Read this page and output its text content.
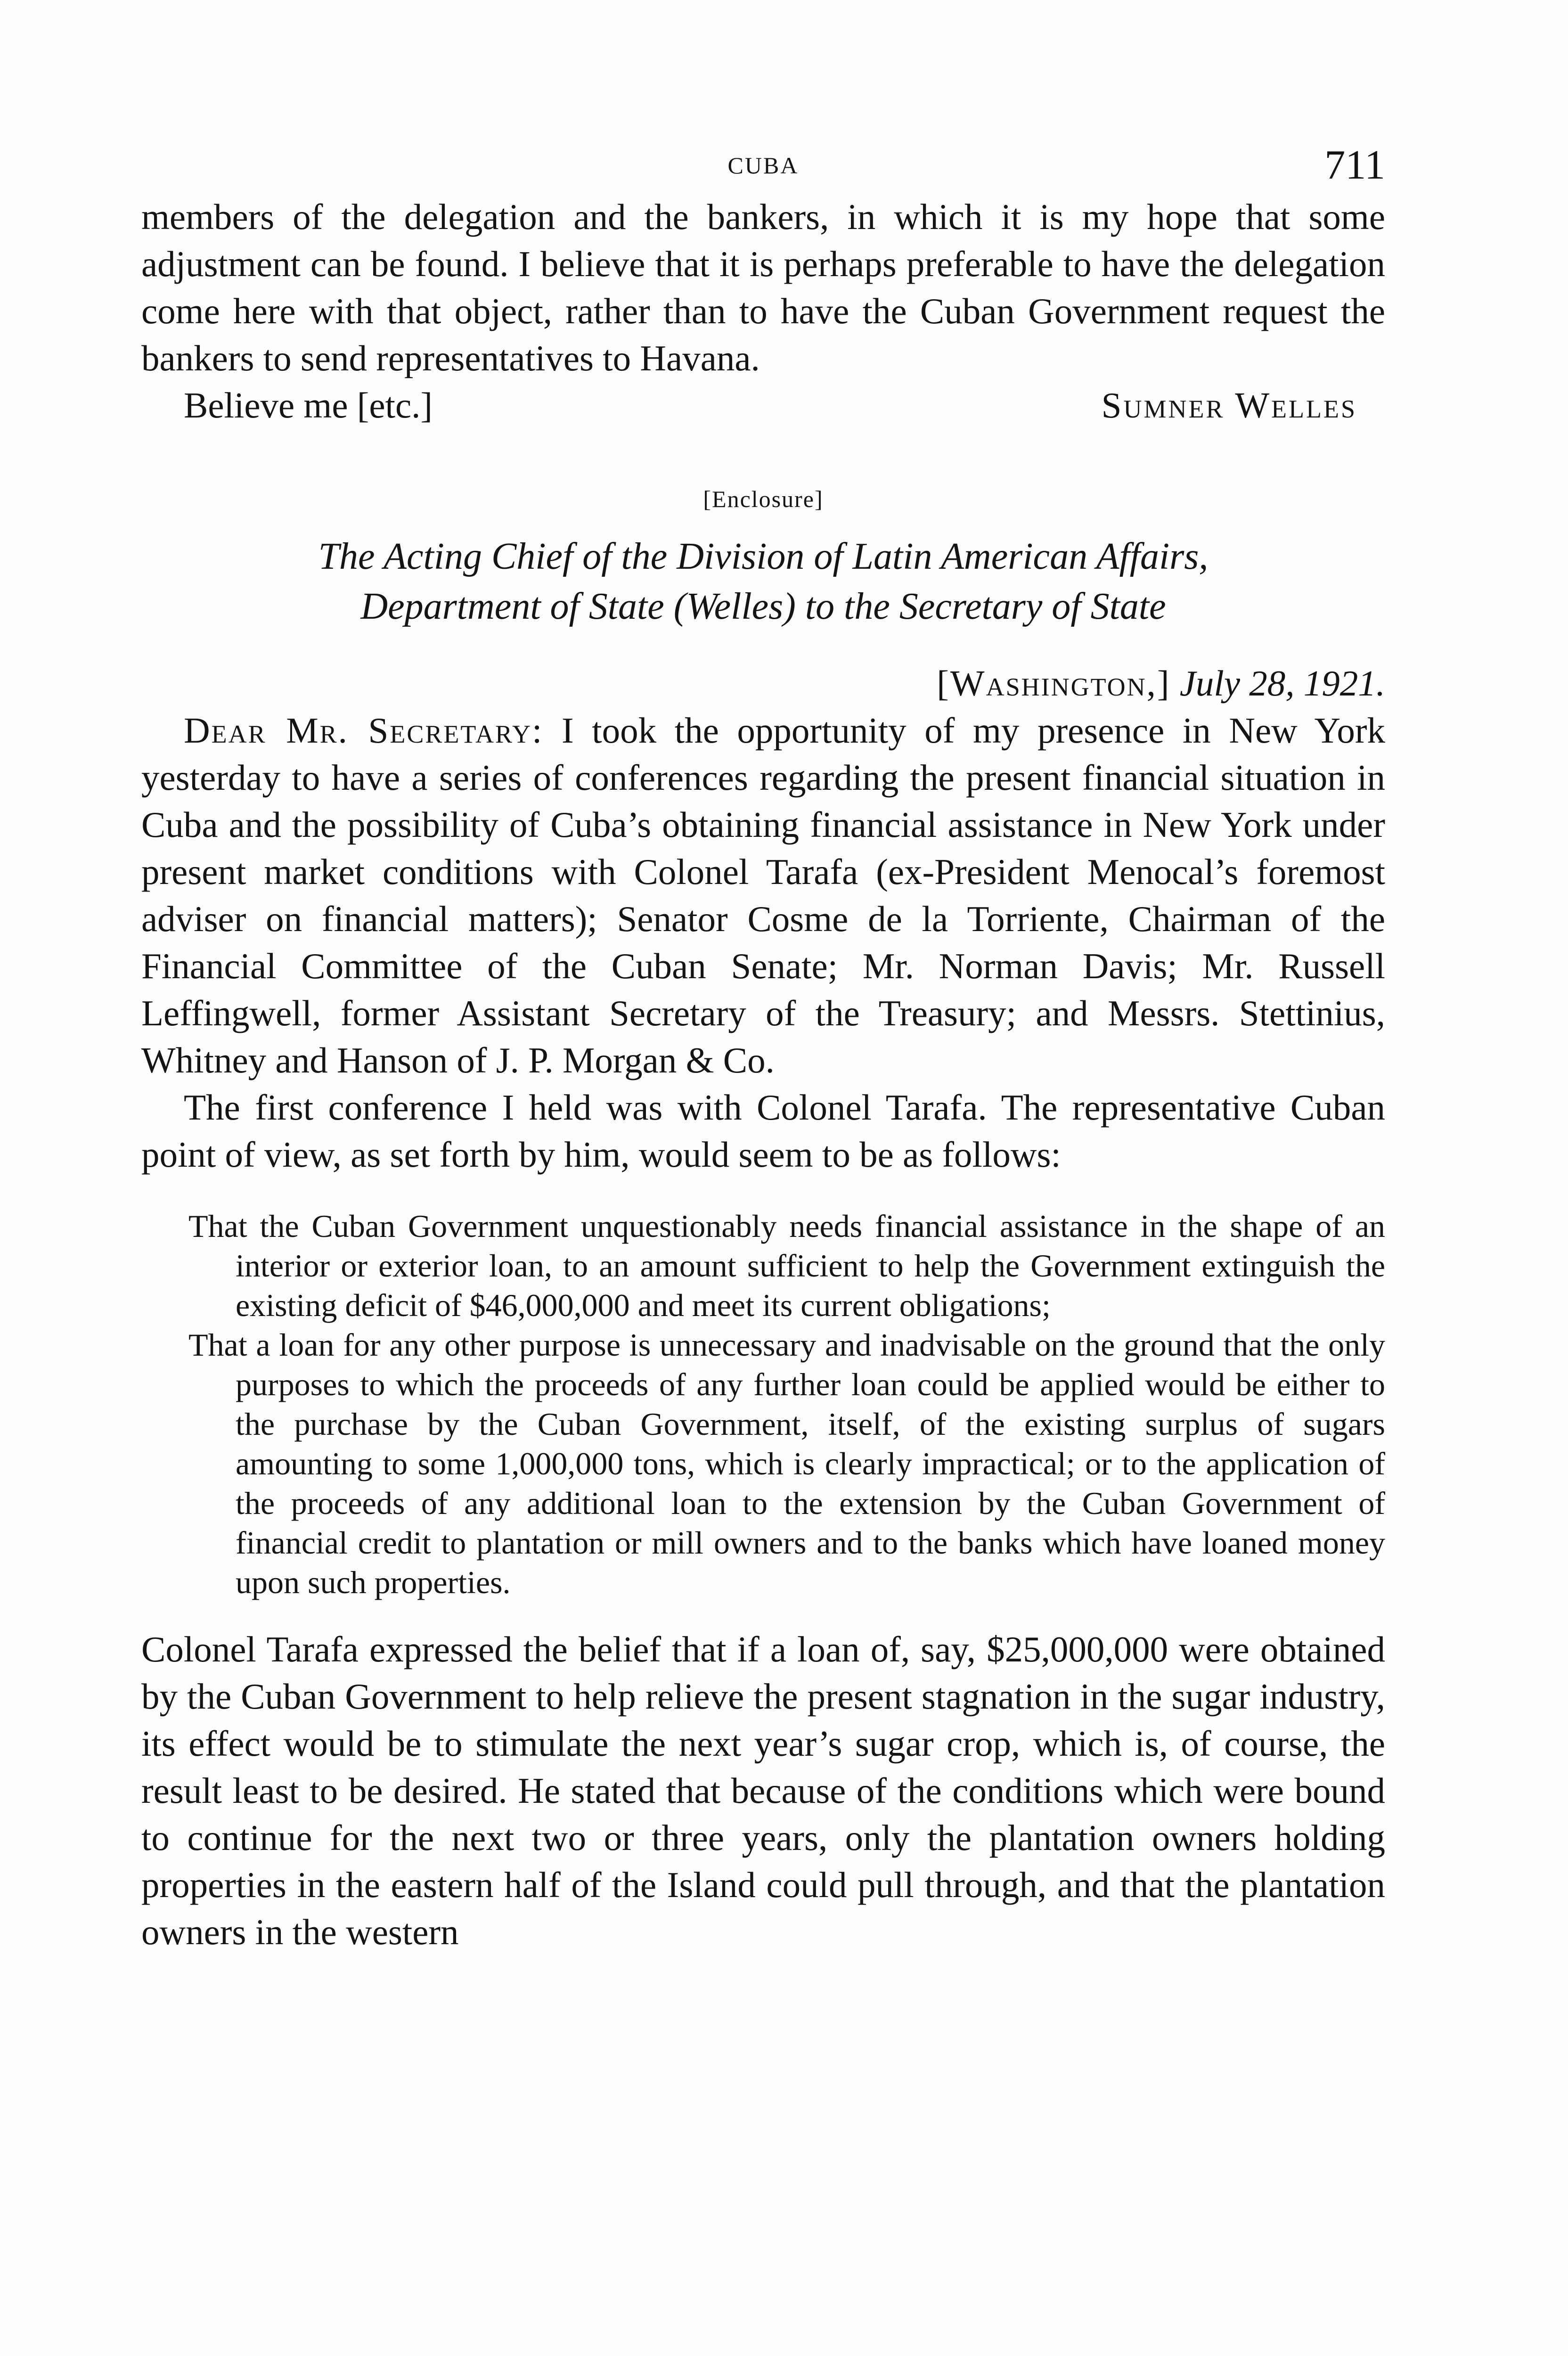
CUBA	711

members of the delegation and the bankers, in which it is my hope that some adjustment can be found. I believe that it is perhaps preferable to have the delegation come here with that object, rather than to have the Cuban Government request the bankers to send representatives to Havana.

Believe me [etc.]	Sumner Welles
[Enclosure]
The Acting Chief of the Division of Latin American Affairs,
Department of State (Welles) to the Secretary of State
[Washington,] July 28, 1921.

Dear Mr. Secretary: I took the opportunity of my presence in New York yesterday to have a series of conferences regarding the present financial situation in Cuba and the possibility of Cuba’s obtaining financial assistance in New York under present market conditions with Colonel Tarafa (ex-President Menocal’s foremost adviser on financial matters); Senator Cosme de la Torriente, Chairman of the Financial Committee of the Cuban Senate; Mr. Norman Davis; Mr. Russell Leffingwell, former Assistant Secretary of the Treasury; and Messrs. Stettinius, Whitney and Hanson of J. P. Morgan & Co.

The first conference I held was with Colonel Tarafa. The representative Cuban point of view, as set forth by him, would seem to be as follows:

That the Cuban Government unquestionably needs financial assistance in the shape of an interior or exterior loan, to an amount sufficient to help the Government extinguish the existing deficit of $46,000,000 and meet its current obligations;

That a loan for any other purpose is unnecessary and inadvisable on the ground that the only purposes to which the proceeds of any further loan could be applied would be either to the purchase by the Cuban Government, itself, of the existing surplus of sugars amounting to some 1,000,000 tons, which is clearly impractical; or to the application of the proceeds of any additional loan to the extension by the Cuban Government of financial credit to plantation or mill owners and to the banks which have loaned money upon such properties.

Colonel Tarafa expressed the belief that if a loan of, say, $25,000,000 were obtained by the Cuban Government to help relieve the present stagnation in the sugar industry, its effect would be to stimulate the next year’s sugar crop, which is, of course, the result least to be desired. He stated that because of the conditions which were bound to continue for the next two or three years, only the plantation owners holding properties in the eastern half of the Island could pull through, and that the plantation owners in the western
